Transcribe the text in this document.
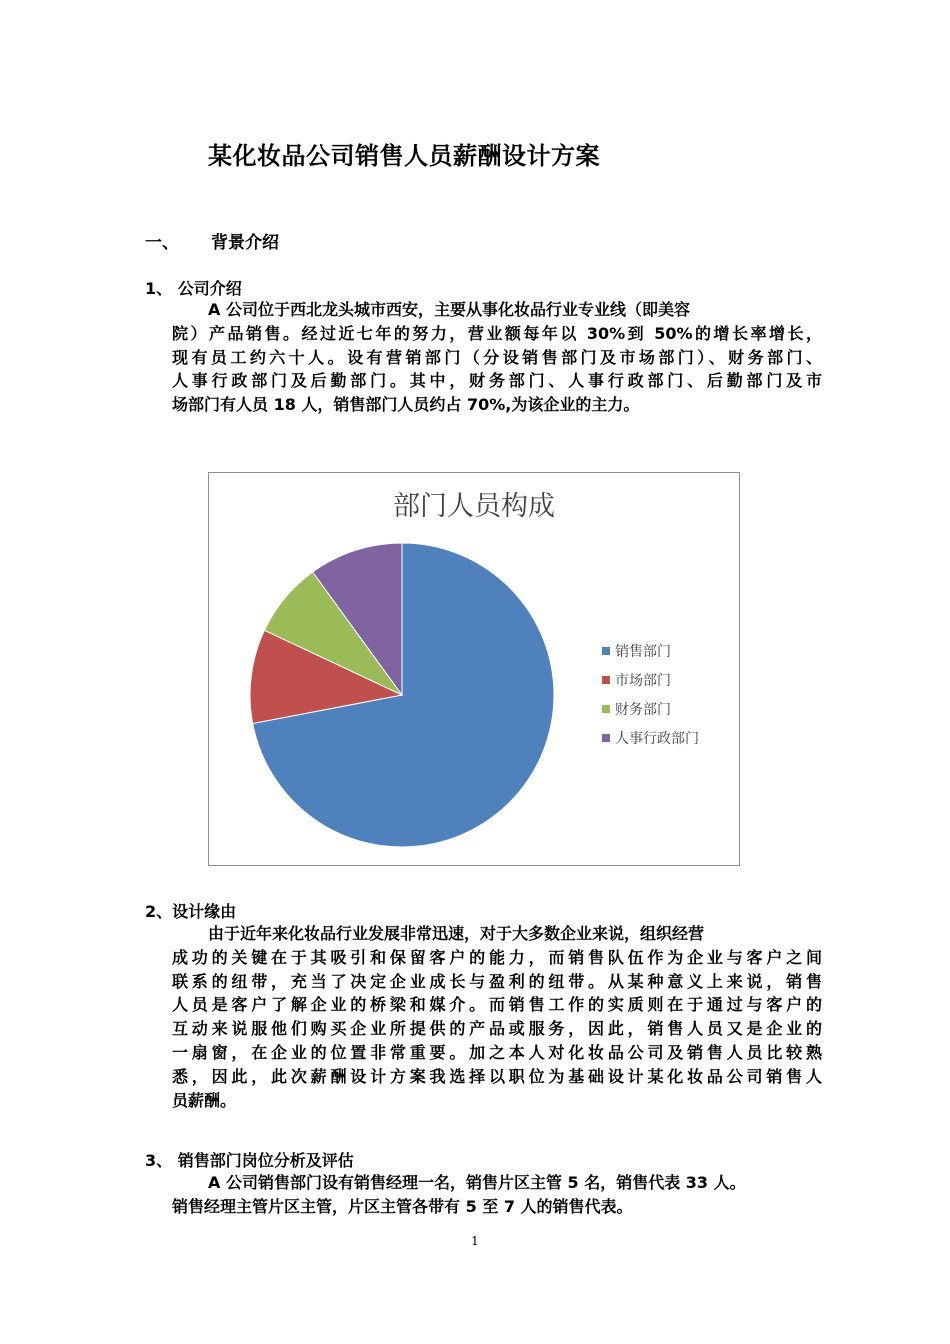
某化妆品公司销售人员薪酬设计方案
一、 背景介绍
1、 公司介绍
A 公司位于西北龙头城市西安，主要从事化妆品行业专业线（即美容
院）产品销售。经过近七年的努力，营业额每年以 30%到 50%的增长率增长，
现有员工约六十人。设有营销部门（分设销售部门及市场部门）、财务部门、
人事行政部门及后勤部门。其中，财务部门、人事行政部门、后勤部门及市
场部门有人员 18 人，销售部门人员约占 70%,为该企业的主力。
部门人员构成
销售部门
市场部门
财务部门
人事行政部门
2、设计缘由
由于近年来化妆品行业发展非常迅速，对于大多数企业来说，组织经营
成功的关键在于其吸引和保留客户的能力，而销售队伍作为企业与客户之间
联系的纽带，充当了决定企业成长与盈利的纽带。从某种意义上来说，销售
人员是客户了解企业的桥梁和媒介。而销售工作的实质则在于通过与客户的
互动来说服他们购买企业所提供的产品或服务，因此，销售人员又是企业的
一扇窗，在企业的位置非常重要。加之本人对化妆品公司及销售人员比较熟
悉，因此，此次薪酬设计方案我选择以职位为基础设计某化妆品公司销售人
员薪酬。
3、 销售部门岗位分析及评估
A 公司销售部门设有销售经理一名，销售片区主管 5 名，销售代表 33 人。
销售经理主管片区主管，片区主管各带有 5 至 7 人的销售代表。
1
